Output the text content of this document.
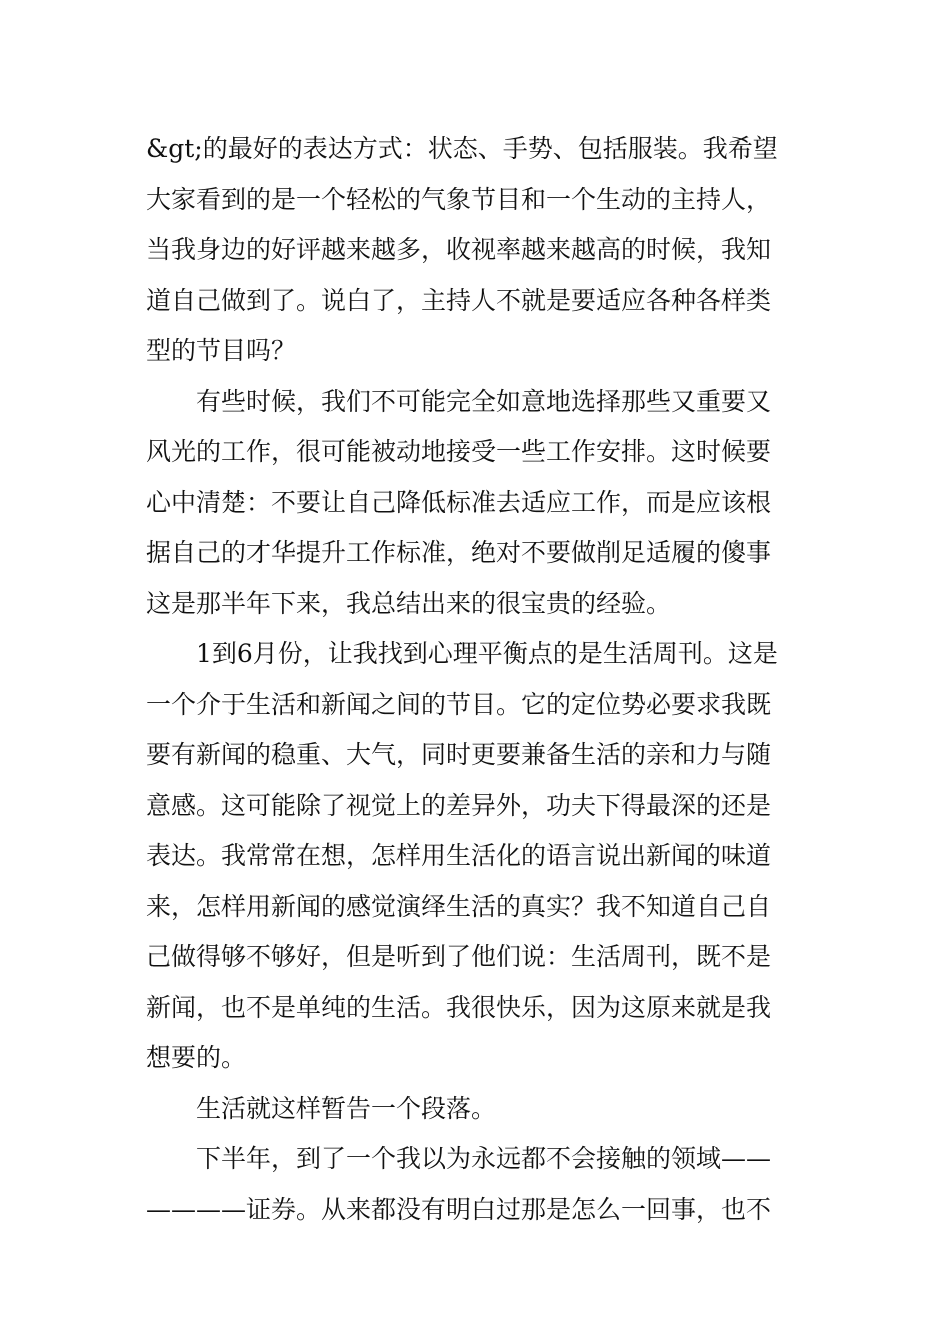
&gt;的最好的表达方式：状态、手势、包括服装。我希望
大家看到的是一个轻松的气象节目和一个生动的主持人，
当我身边的好评越来越多，收视率越来越高的时候，我知
道自己做到了。说白了，主持人不就是要适应各种各样类
型的节目吗？
有些时候，我们不可能完全如意地选择那些又重要又
风光的工作，很可能被动地接受一些工作安排。这时候要
心中清楚：不要让自己降低标准去适应工作，而是应该根
据自己的才华提升工作标准，绝对不要做削足适履的傻事
这是那半年下来，我总结出来的很宝贵的经验。
1到6月份，让我找到心理平衡点的是生活周刊。这是
一个介于生活和新闻之间的节目。它的定位势必要求我既
要有新闻的稳重、大气，同时更要兼备生活的亲和力与随
意感。这可能除了视觉上的差异外，功夫下得最深的还是
表达。我常常在想，怎样用生活化的语言说出新闻的味道
来，怎样用新闻的感觉演绎生活的真实？我不知道自己自
己做得够不够好，但是听到了他们说：生活周刊，既不是
新闻，也不是单纯的生活。我很快乐，因为这原来就是我
想要的。
生活就这样暂告一个段落。
下半年，到了一个我以为永远都不会接触的领域——
————证券。从来都没有明白过那是怎么一回事，也不
